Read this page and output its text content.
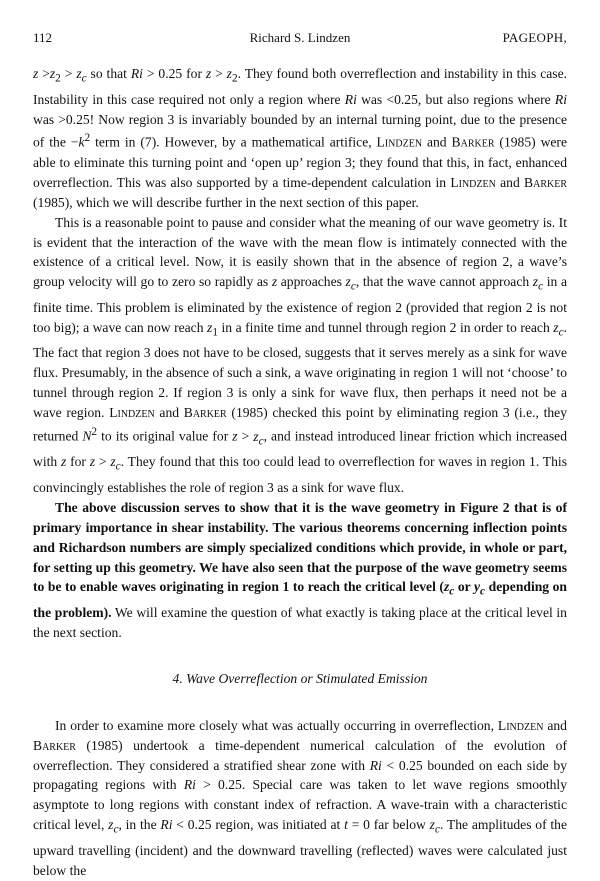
112	Richard S. Lindzen	PAGEOPH,

$z >z_2 > z_c$ so that Ri > 0.25 for $z > z_2$. They found both overreflection and instability in this case. Instability in this case required not only a region where Ri was <0.25, but also regions where Ri was >0.25! Now region 3 is invariably bounded by an internal turning point, due to the presence of the $-k^2$ term in (7). However, by a mathematical artifice, Lindzen and Barker (1985) were able to eliminate this turning point and ‘open up’ region 3; they found that this, in fact, enhanced overreflection. This was also supported by a time-dependent calculation in Lindzen and Barker (1985), which we will describe further in the next section of this paper.

This is a reasonable point to pause and consider what the meaning of our wave geometry is. It is evident that the interaction of the wave with the mean flow is intimately connected with the existence of a critical level. Now, it is easily shown that in the absence of region 2, a wave’s group velocity will go to zero so rapidly as z approaches $z_c$, that the wave cannot approach $z_c$ in a finite time. This problem is eliminated by the existence of region 2 (provided that region 2 is not too big); a wave can now reach $z_1$ in a finite time and tunnel through region 2 in order to reach $z_c$. The fact that region 3 does not have to be closed, suggests that it serves merely as a sink for wave flux. Presumably, in the absence of such a sink, a wave originating in region 1 will not ‘choose’ to tunnel through region 2. If region 3 is only a sink for wave flux, then perhaps it need not be a wave region. Lindzen and Barker (1985) checked this point by eliminating region 3 (i.e., they returned $N^2$ to its original value for $z > z_c$, and instead introduced linear friction which increased with z for $z > z_c$. They found that this too could lead to overreflection for waves in region 1. This convincingly establishes the role of region 3 as a sink for wave flux.

The above discussion serves to show that it is the wave geometry in Figure 2 that is of primary importance in shear instability. The various theorems concerning inflection points and Richardson numbers are simply specialized conditions which provide, in whole or part, for setting up this geometry. We have also seen that the purpose of the wave geometry seems to be to enable waves originating in region 1 to reach the critical level ($z_c$ or $y_c$ depending on the problem). We will examine the question of what exactly is taking place at the critical level in the next section.

4. Wave Overreflection or Stimulated Emission

In order to examine more closely what was actually occurring in overreflection, Lindzen and Barker (1985) undertook a time-dependent numerical calculation of the evolution of overreflection. They considered a stratified shear zone with Ri < 0.25 bounded on each side by propagating regions with Ri > 0.25. Special care was taken to let wave regions smoothly asymptote to long regions with constant index of refraction. A wave-train with a characteristic critical level, $z_c$, in the Ri < 0.25 region, was initiated at t = 0 far below $z_c$. The amplitudes of the upward travelling (incident) and the downward travelling (reflected) waves were calculated just below the
